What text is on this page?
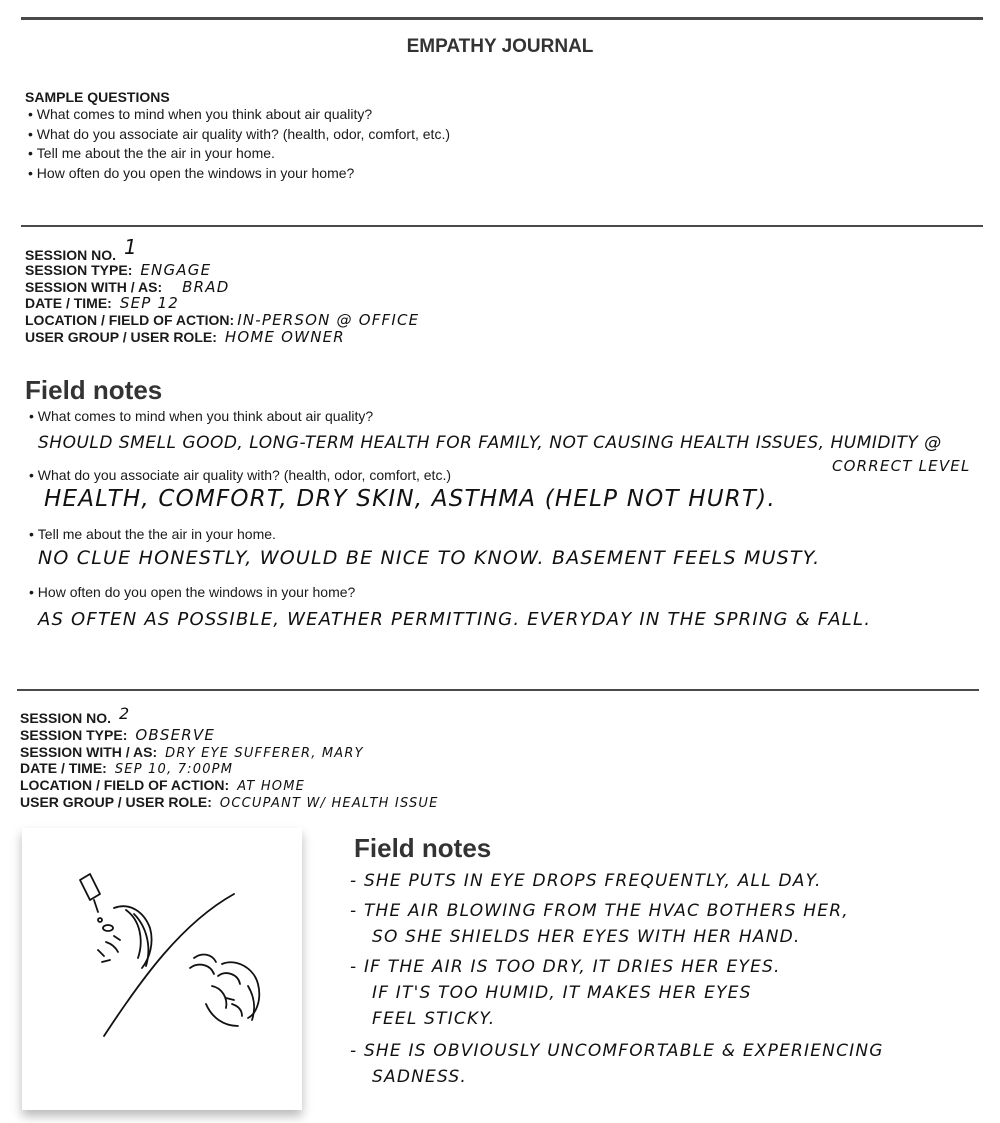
EMPATHY JOURNAL
SAMPLE QUESTIONS
• What comes to mind when you think about air quality?
• What do you associate air quality with? (health, odor, comfort, etc.)
• Tell me about the the air in your home.
• How often do you open the windows in your home?
SESSION NO. 1
SESSION TYPE: ENGAGE
SESSION WITH / AS: BRAD
DATE / TIME: SEP 12
LOCATION / FIELD OF ACTION: IN-PERSON @ OFFICE
USER GROUP / USER ROLE: HOME OWNER
Field notes
• What comes to mind when you think about air quality?
SHOULD SMELL GOOD, LONG-TERM HEALTH FOR FAMILY, NOT CAUSING HEALTH ISSUES, HUMIDITY @
CORRECT LEVEL
• What do you associate air quality with? (health, odor, comfort, etc.)
HEALTH, COMFORT, DRY SKIN, ASTHMA (HELP NOT HURT).
• Tell me about the the air in your home.
NO CLUE HONESTLY, WOULD BE NICE TO KNOW. BASEMENT FEELS MUSTY.
• How often do you open the windows in your home?
AS OFTEN AS POSSIBLE, WEATHER PERMITTING. EVERYDAY IN THE SPRING & FALL.
SESSION NO. 2
SESSION TYPE: OBSERVE
SESSION WITH / AS: DRY EYE SUFFERER, MARY
DATE / TIME: SEP 10, 7:00PM
LOCATION / FIELD OF ACTION: AT HOME
USER GROUP / USER ROLE: OCCUPANT W/ HEALTH ISSUE
Field notes
- SHE PUTS IN EYE DROPS FREQUENTLY, ALL DAY.
- THE AIR BLOWING FROM THE HVAC BOTHERS HER,
SO SHE SHIELDS HER EYES WITH HER HAND.
- IF THE AIR IS TOO DRY, IT DRIES HER EYES.
IF IT'S TOO HUMID, IT MAKES HER EYES
FEEL STICKY.
- SHE IS OBVIOUSLY UNCOMFORTABLE & EXPERIENCING
SADNESS.
